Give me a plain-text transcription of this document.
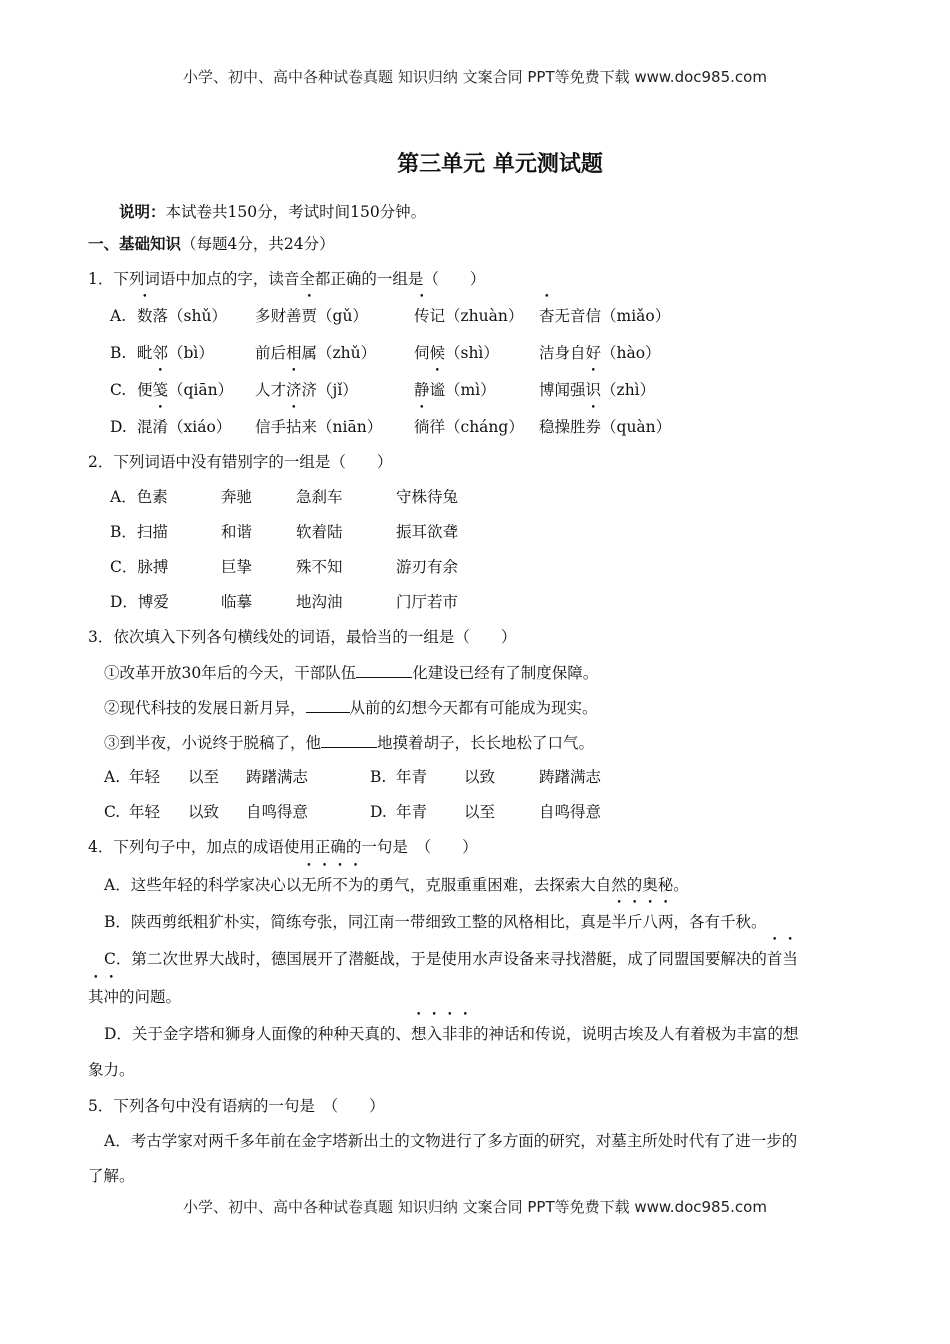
小学、初中、高中各种试卷真题 知识归纳 文案合同 PPT等免费下载 www.doc985.com
第三单元 单元测试题
说明：本试卷共150分，考试时间150分钟。
一、基础知识（每题4分，共24分）
1．下列词语中加点的字，读音全都正确的一组是（　　）
A. 数落（shǔ） 多财善贾（gǔ）	传记（zhuàn） 杳无音信（miǎo）
B. 毗邻（bì）	前后相属（zhǔ） 伺候（shì）	洁身自好（hào）
C. 便笺（qiān） 人才济济（jǐ）	静谧（mì）	博闻强识（zhì）
D. 混淆（xiáo） 信手拈来（niān） 徜徉（cháng） 稳操胜券（quàn）
2．下列词语中没有错别字的一组是（　　）
A．色素	奔驰	急刹车	守株待兔
B．扫描	和谐	软着陆	振耳欲聋
C．脉搏	巨挚	殊不知	游刃有余
D．博爱	临摹	地沟油	门厅若市
3．依次填入下列各句横线处的词语，最恰当的一组是（　　）
①改革开放30年后的今天，干部队伍	化建设已经有了制度保障。
②现代科技的发展日新月异，	从前的幻想今天都有可能成为现实。
③到半夜，小说终于脱稿了，他	地摸着胡子，长长地松了口气。
A. 年轻 以至 踌躇满志	B. 年青 以致	踌躇满志
C. 年轻 以致 自鸣得意	D. 年青 以至	自鸣得意
4．下列句子中，加点的成语使用正确的一句是　（　　）
A．这些年轻的科学家决心以无所不为的勇气，克服重重困难，去探索大自然的奥秘。
B．陕西剪纸粗犷朴实，简练夸张，同江南一带细致工整的风格相比，真是半斤八两，各有千秋。
C．第二次世界大战时，德国展开了潜艇战，于是使用水声设备来寻找潜艇，成了同盟国要解决的首当
其冲的问题。
D．关于金字塔和狮身人面像的种种天真的、想入非非的神话和传说，说明古埃及人有着极为丰富的想
象力。
5．下列各句中没有语病的一句是　（　　）
A．考古学家对两千多年前在金字塔新出土的文物进行了多方面的研究，对墓主所处时代有了进一步的
了解。
小学、初中、高中各种试卷真题 知识归纳 文案合同 PPT等免费下载 www.doc985.com
